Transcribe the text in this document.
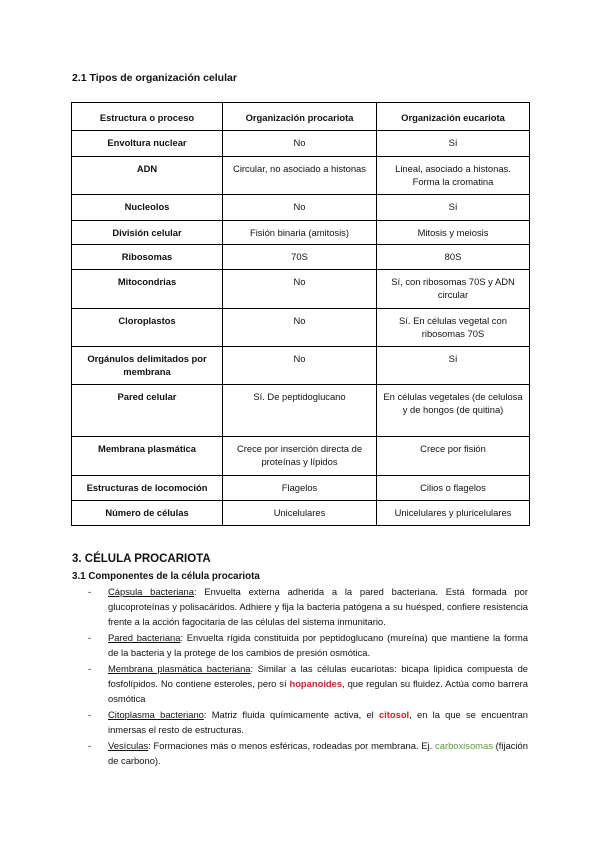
2.1 Tipos de organización celular
Estructura o proceso	Organización procariota	Organización eucariota
Envoltura nuclear	No	Sí
ADN	Circular, no asociado a histonas	Lineal, asociado a histonas. Forma la cromatina
Nucleolos	No	Sí
División celular	Fisión binaria (amitosis)	Mitosis y meiosis
Ribosomas	70S	80S
Mitocondrias	No	Sí, con ribosomas 70S y ADN circular
Cloroplastos	No	Sí. En células vegetal con ribosomas 70S
Orgánulos delimitados por membrana	No	Sí
Pared celular	Sí. De peptidoglucano	En células vegetales (de celulosa y de hongos (de quitina)
Membrana plasmática	Crece por inserción directa de proteínas y lípidos	Crece por fisión
Estructuras de locomoción	Flagelos	Cilios o flagelos
Número de células	Unicelulares	Unicelulares y pluricelulares
3. CÉLULA PROCARIOTA
3.1 Componentes de la célula procariota
- Cápsula bacteriana: Envuelta externa adherida a la pared bacteriana. Está formada por glucoproteínas y polisacáridos. Adhiere y fija la bacteria patógena a su huésped, confiere resistencia frente a la acción fagocitaria de las células del sistema inmunitario.
- Pared bacteriana: Envuelta rígida constituida por peptidoglucano (mureína) que mantiene la forma de la bacteria y la protege de los cambios de presión osmótica.
- Membrana plasmática bacteriana: Similar a las células eucariotas: bicapa lipídica compuesta de fosfolípidos. No contiene esteroles, pero sí hopanoides, que regulan su fluidez. Actúa como barrera osmótica
- Citoplasma bacteriano: Matriz fluida químicamente activa, el citosol, en la que se encuentran inmersas el resto de estructuras.
- Vesículas: Formaciones más o menos esféricas, rodeadas por membrana. Ej. carboxisomas (fijación de carbono).
